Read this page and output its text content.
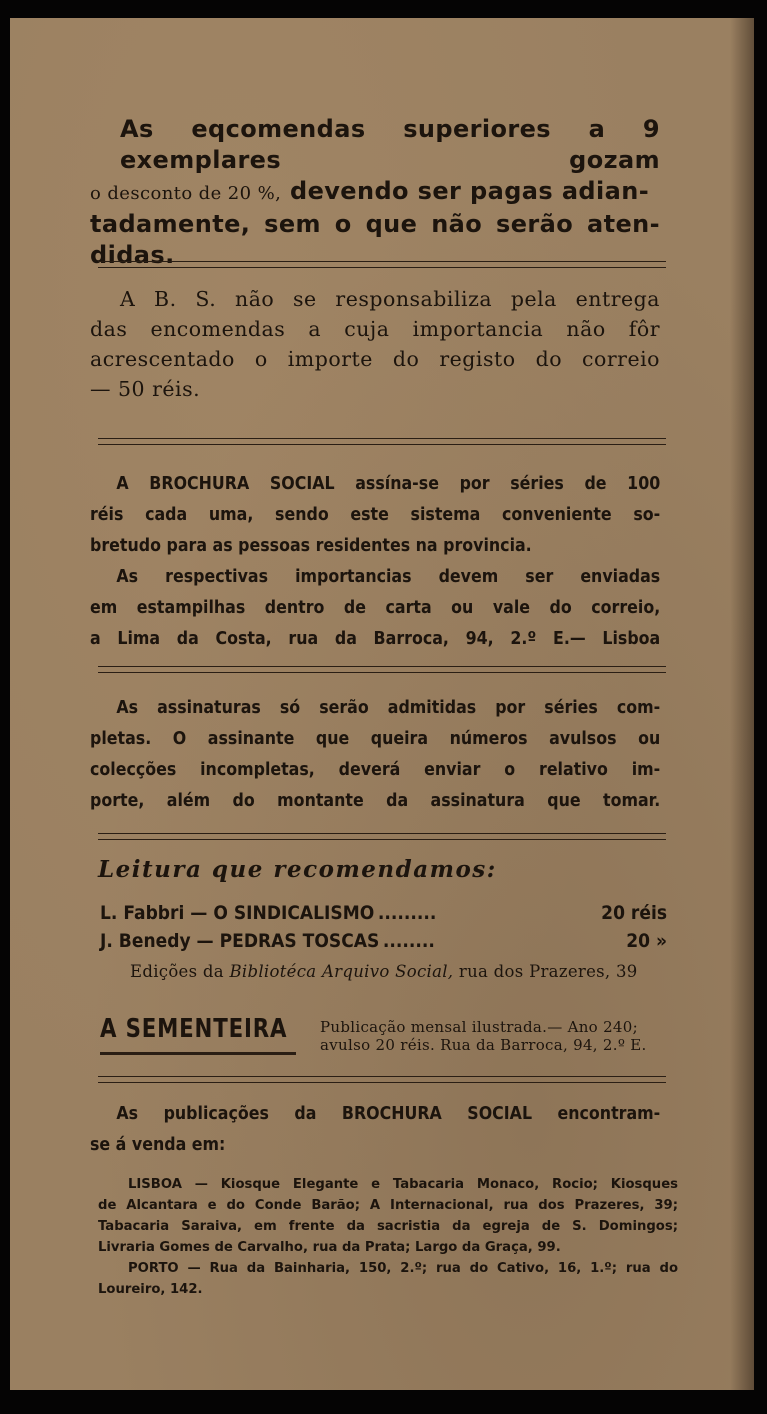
As eqcomendas superiores a 9 exemplares gozam
o desconto de 20 %, devendo ser pagas adian-
tadamente, sem o que não serão aten-
didas.
A B. S. não se responsabiliza pela entrega
das encomendas a cuja importancia não fôr
acrescentado o importe do registo do correio
— 50 réis.
A BROCHURA SOCIAL assína-se por séries de 100
réis cada uma, sendo este sistema conveniente so-
bretudo para as pessoas residentes na provincia.
As respectivas importancias devem ser enviadas
em estampilhas dentro de carta ou vale do correio,
a Lima da Costa, rua da Barroca, 94, 2.º E.— Lisboa
As assinaturas só serão admitidas por séries com-
pletas. O assinante que queira números avulsos ou
colecções incompletas, deverá enviar o relativo im-
porte, além do montante da assinatura que tomar.
Leitura que recomendamos:
L. Fabbri — O SINDICALISMO .........	20 réis
J. Benedy — PEDRAS TOSCAS ........	20 »
Edições da Bibliotéca Arquivo Social, rua dos Prazeres, 39
A SEMENTEIRA Publicação mensal ilustrada.— Ano 240;
avulso 20 réis. Rua da Barroca, 94, 2.º E.
As publicações da BROCHURA SOCIAL encontram-
se á venda em:
LISBOA — Kiosque Elegante e Tabacaria Monaco, Rocio; Kiosques
de Alcantara e do Conde Barão; A Internacional, rua dos Prazeres, 39;
Tabacaria Saraiva, em frente da sacristia da egreja de S. Domingos;
Livraria Gomes de Carvalho, rua da Prata; Largo da Graça, 99.
PORTO — Rua da Bainharia, 150, 2.º; rua do Cativo, 16, 1.º; rua do
Loureiro, 142.
